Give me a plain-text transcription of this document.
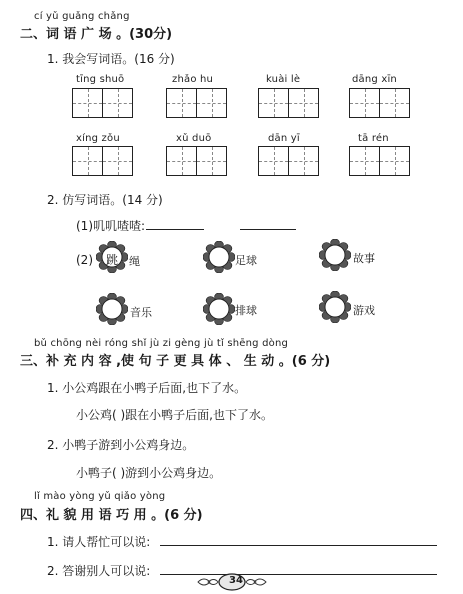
cí yǔ guǎng chǎng
二、词 语 广 场 。(30分)
1. 我会写词语。(16 分)
tīng shuō	zhǎo hu	kuài lè	dāng xīn
xíng zǒu	xǔ duō	dān yī	tā rén
2. 仿写词语。(14 分)
(1)叽叽喳喳:
(2)	跳	绳	足球	故事
音乐	排球	游戏
bǔ chōng nèi róng shǐ jù zi gèng jù tǐ shēng dòng
三、补 充 内 容 ,使 句 子 更 具 体 、 生 动 。(6 分)
1. 小公鸡跟在小鸭子后面,也下了水。
小公鸡( )跟在小鸭子后面,也下了水。
2. 小鸭子游到小公鸡身边。
小鸭子( )游到小公鸡身边。
lǐ mào yòng yǔ qiǎo yòng
四、礼 貌 用 语 巧 用 。(6 分)
1. 请人帮忙可以说:
2. 答谢别人可以说:
34
